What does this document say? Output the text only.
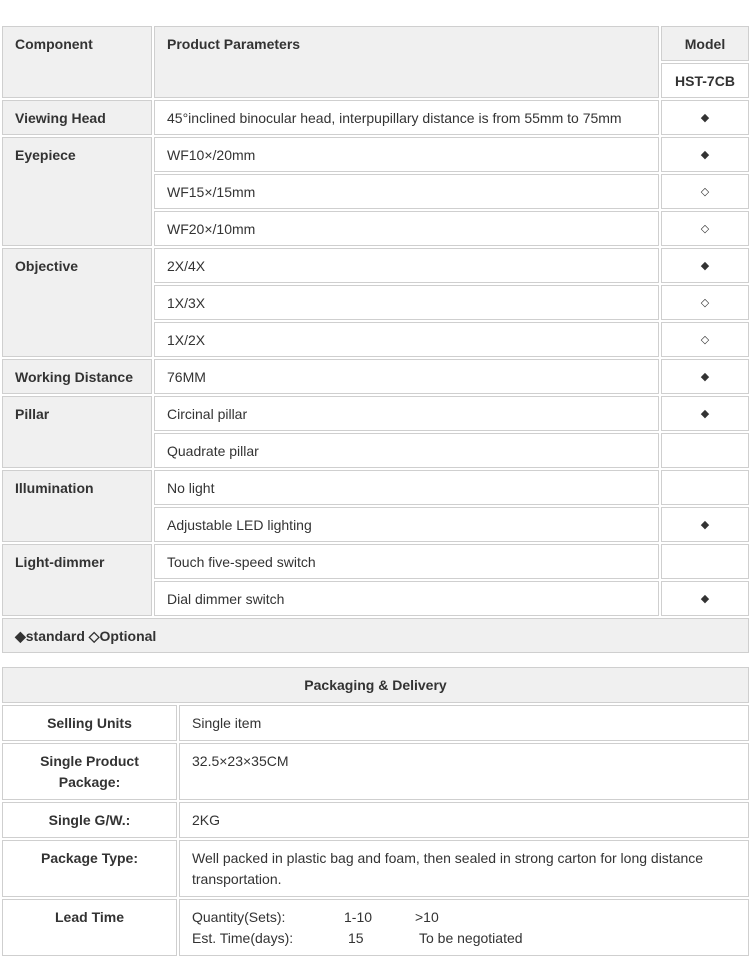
Component	Product Parameters	Model
		HST-7CB
Viewing Head	45°inclined binocular head, interpupillary distance is from 55mm to 75mm	◆
Eyepiece	WF10×/20mm	◆
	WF15×/15mm	◇
	WF20×/10mm	◇
Objective	2X/4X	◆
	1X/3X	◇
	1X/2X	◇
Working Distance	76MM	◆
Pillar	Circinal pillar	◆
	Quadrate pillar	
Illumination	No light	
	Adjustable LED lighting	◆
Light-dimmer	Touch five-speed switch	
	Dial dimmer switch	◆
◆standard ◇Optional		
Packaging & Delivery	
Selling Units	Single item
Single Product Package:	32.5×23×35CM
Single G/W.:	2KG
Package Type:	Well packed in plastic bag and foam, then sealed in strong carton for long distance transportation.
Lead Time	Quantity(Sets): 1-10 >10
Est. Time(days): 15 To be negotiated
